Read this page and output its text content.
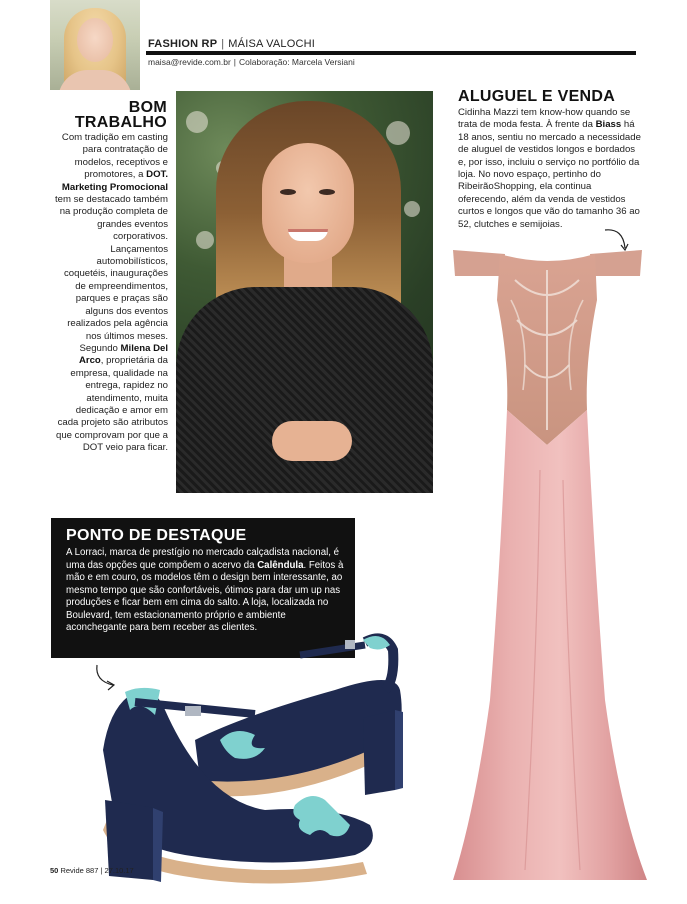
FASHION RP | MÁISA VALOCHI
maisa@revide.com.br | Colaboração: Marcela Versiani
BOM
TRABALHO
Com tradição em casting para contratação de modelos, receptivos e promotores, a DOT. Marketing Promocional tem se destacado também na produção completa de grandes eventos corporativos. Lançamentos automobilísticos, coquetéis, inaugurações de empreendimentos, parques e praças são alguns dos eventos realizados pela agência nos últimos meses. Segundo Milena Del Arco, proprietária da empresa, qualidade na entrega, rapidez no atendimento, muita dedicação e amor em cada projeto são atributos que comprovam por que a DOT veio para ficar.
ALUGUEL E VENDA
Cidinha Mazzi tem know-how quando se trata de moda festa. À frente da Biass há 18 anos, sentiu no mercado a necessidade de aluguel de vestidos longos e bordados e, por isso, incluiu o serviço no portfólio da loja. No novo espaço, pertinho do RibeirãoShopping, ela continua oferecendo, além da venda de vestidos curtos e longos que vão do tamanho 36 ao 52, clutches e semijoias.
PONTO DE DESTAQUE
A Lorraci, marca de prestígio no mercado calçadista nacional, é uma das opções que compõem o acervo da Calêndula. Feitos à mão e em couro, os modelos têm o design bem interessante, ao mesmo tempo que são confortáveis, ótimos para dar um up nas produções e ficar bem em cima do salto. A loja, localizada no Boulevard, tem estacionamento próprio e ambiente aconchegante para bem receber as clientes.
50 Revide 887 | 27.10.17
